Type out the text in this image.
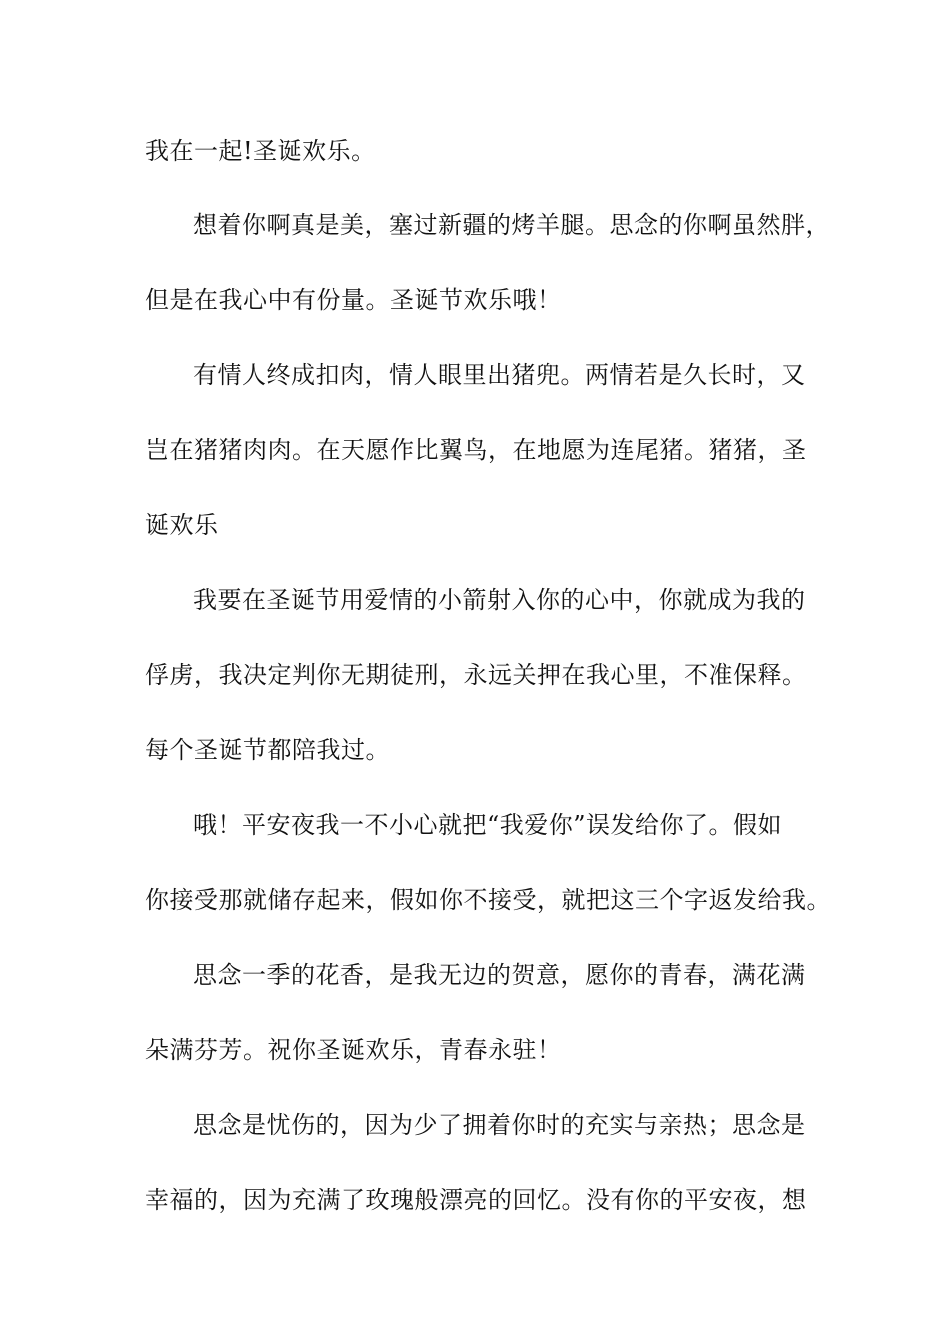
我在一起!圣诞欢乐。
想着你啊真是美，塞过新疆的烤羊腿。思念的你啊虽然胖，
但是在我心中有份量。圣诞节欢乐哦！
有情人终成扣肉，情人眼里出猪兜。两情若是久长时，又
岂在猪猪肉肉。在天愿作比翼鸟，在地愿为连尾猪。猪猪，圣
诞欢乐
我要在圣诞节用爱情的小箭射入你的心中，你就成为我的
俘虏，我决定判你无期徒刑，永远关押在我心里，不准保释。
每个圣诞节都陪我过。
哦！平安夜我一不小心就把“我爱你”误发给你了。假如
你接受那就储存起来，假如你不接受，就把这三个字返发给我。
思念一季的花香，是我无边的贺意，愿你的青春，满花满
朵满芬芳。祝你圣诞欢乐，青春永驻！
思念是忧伤的，因为少了拥着你时的充实与亲热；思念是
幸福的，因为充满了玫瑰般漂亮的回忆。没有你的平安夜，想
